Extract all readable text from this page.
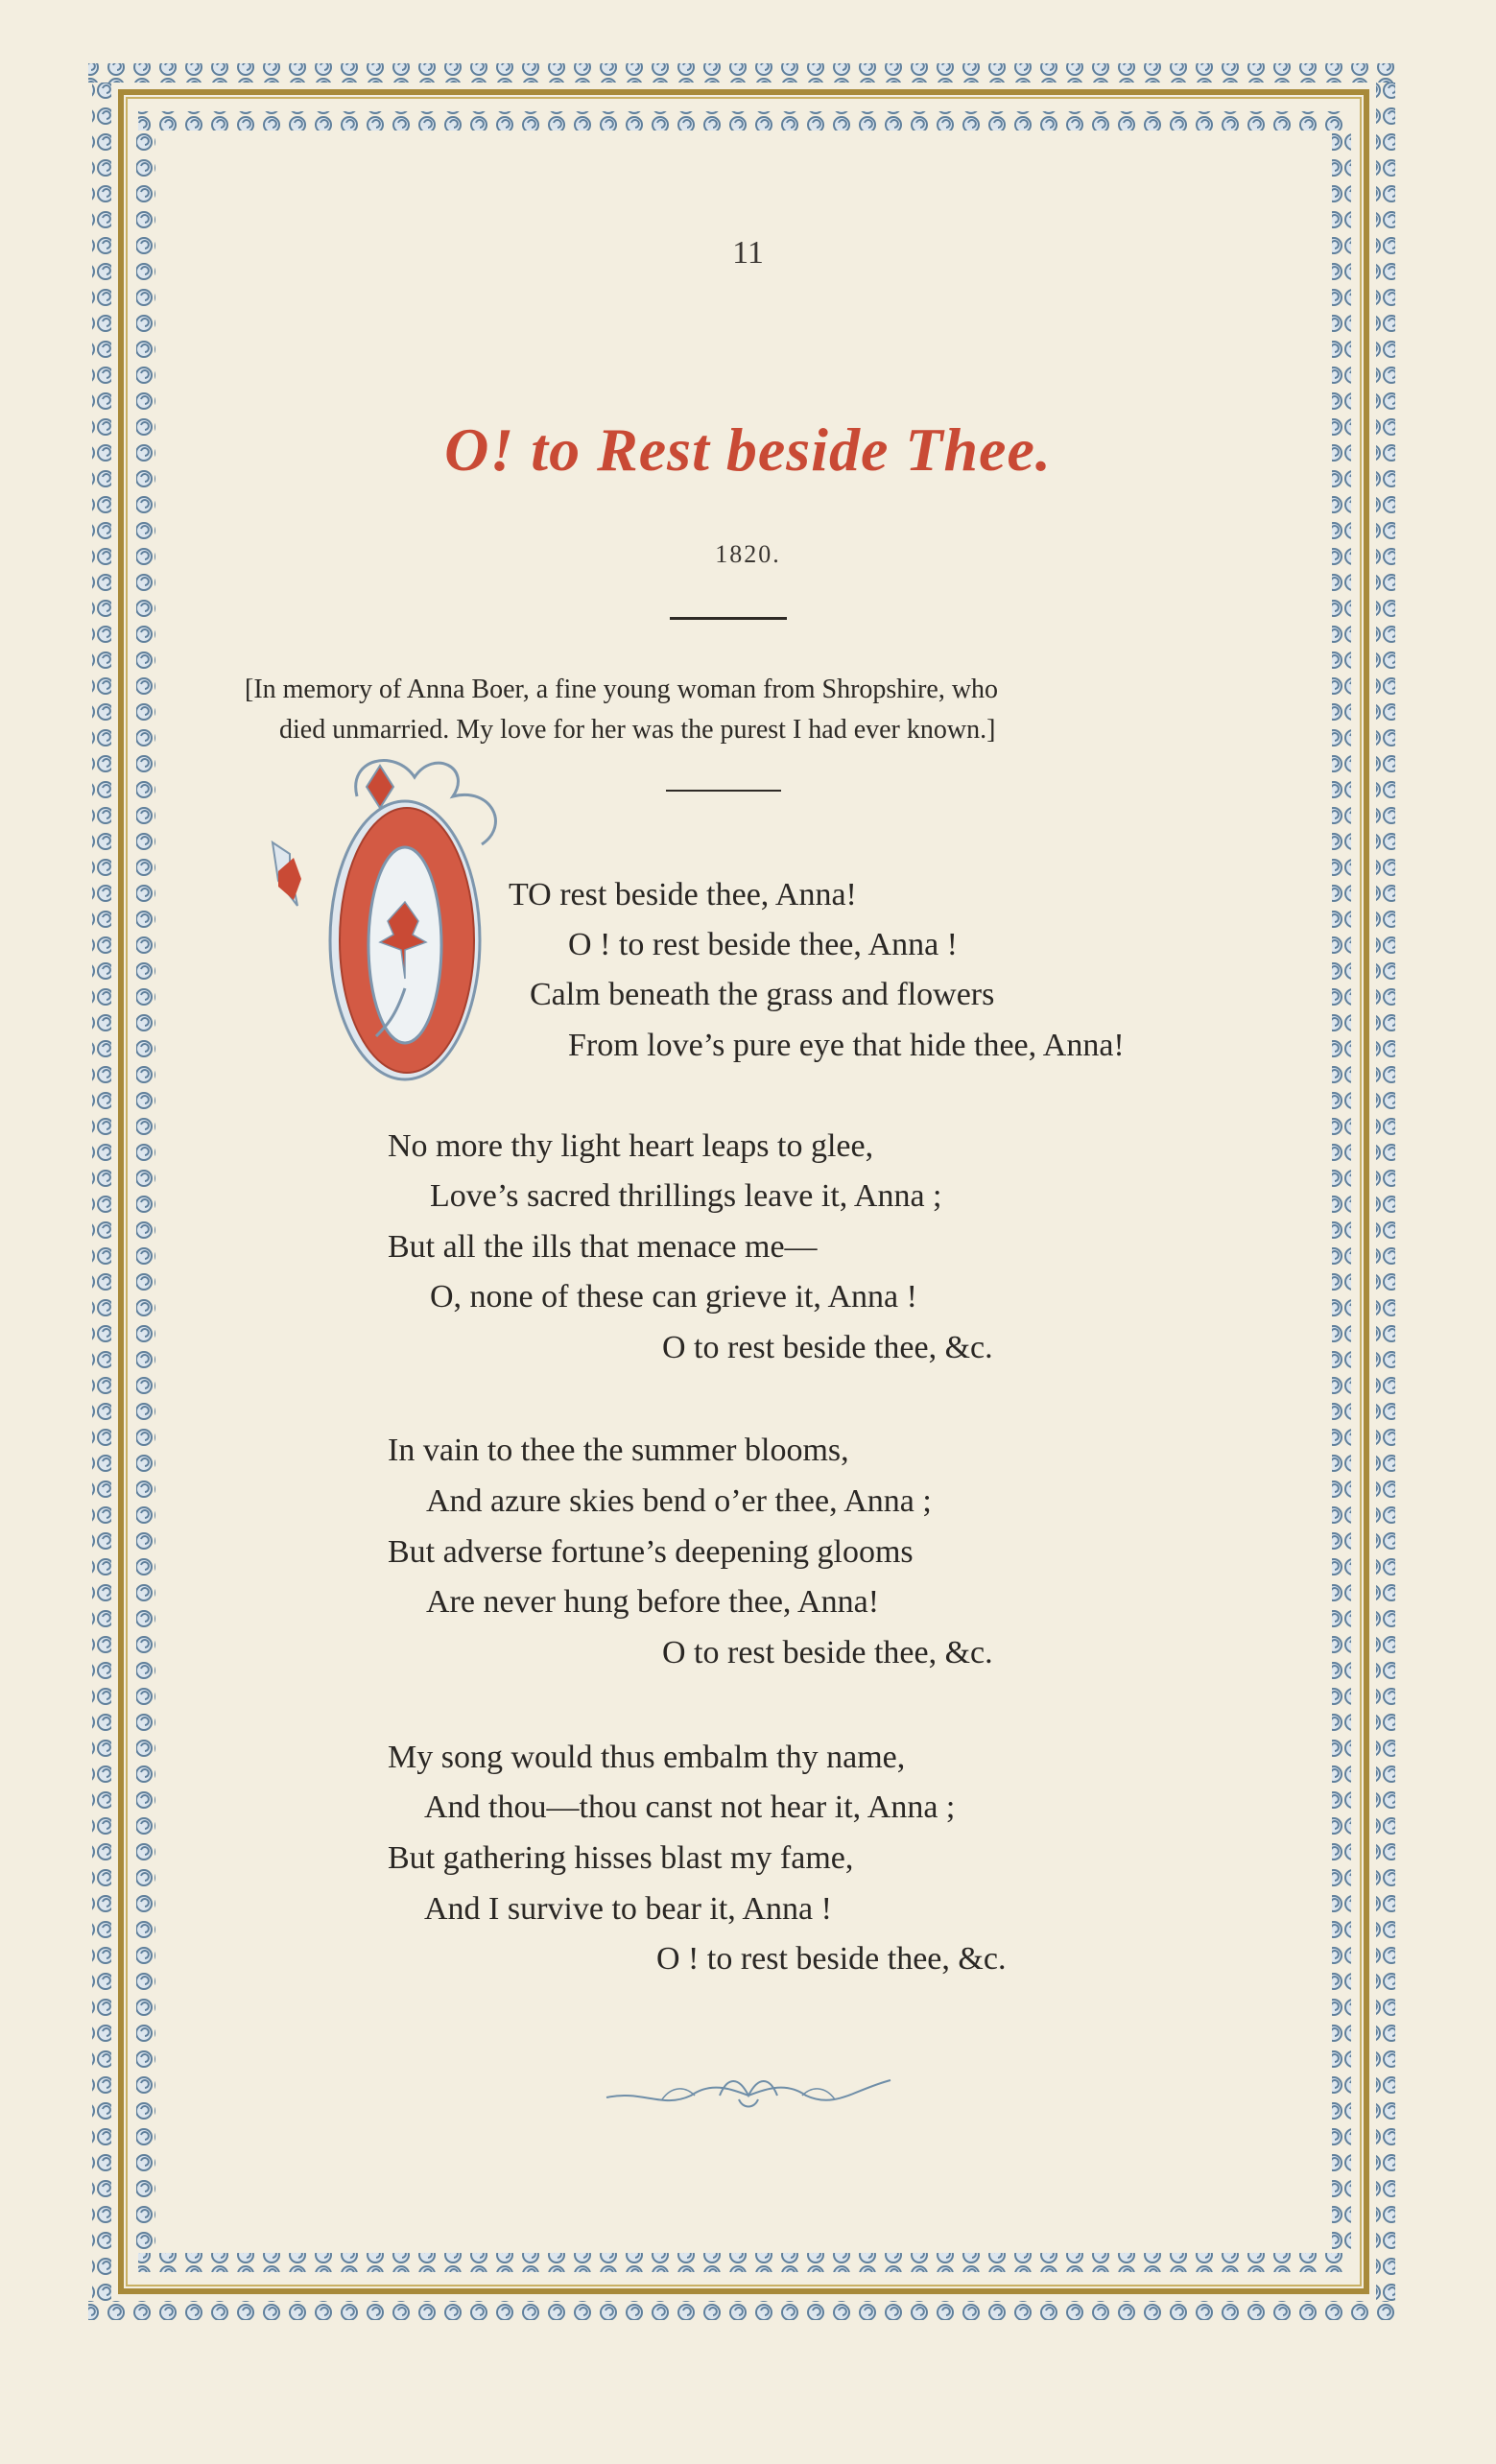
11
O! to Rest beside Thee.
1820.
[In memory of Anna Boer, a fine young woman from Shropshire, who
died unmarried. My love for her was the purest I had ever known.]
TO rest beside thee, Anna!
O ! to rest beside thee, Anna !
Calm beneath the grass and flowers
From love’s pure eye that hide thee, Anna!
No more thy light heart leaps to glee,
Love’s sacred thrillings leave it, Anna ;
But all the ills that menace me—
O, none of these can grieve it, Anna !
O to rest beside thee, &c.
In vain to thee the summer blooms,
And azure skies bend o’er thee, Anna ;
But adverse fortune’s deepening glooms
Are never hung before thee, Anna!
O to rest beside thee, &c.
My song would thus embalm thy name,
And thou—thou canst not hear it, Anna ;
But gathering hisses blast my fame,
And I survive to bear it, Anna !
O ! to rest beside thee, &c.
